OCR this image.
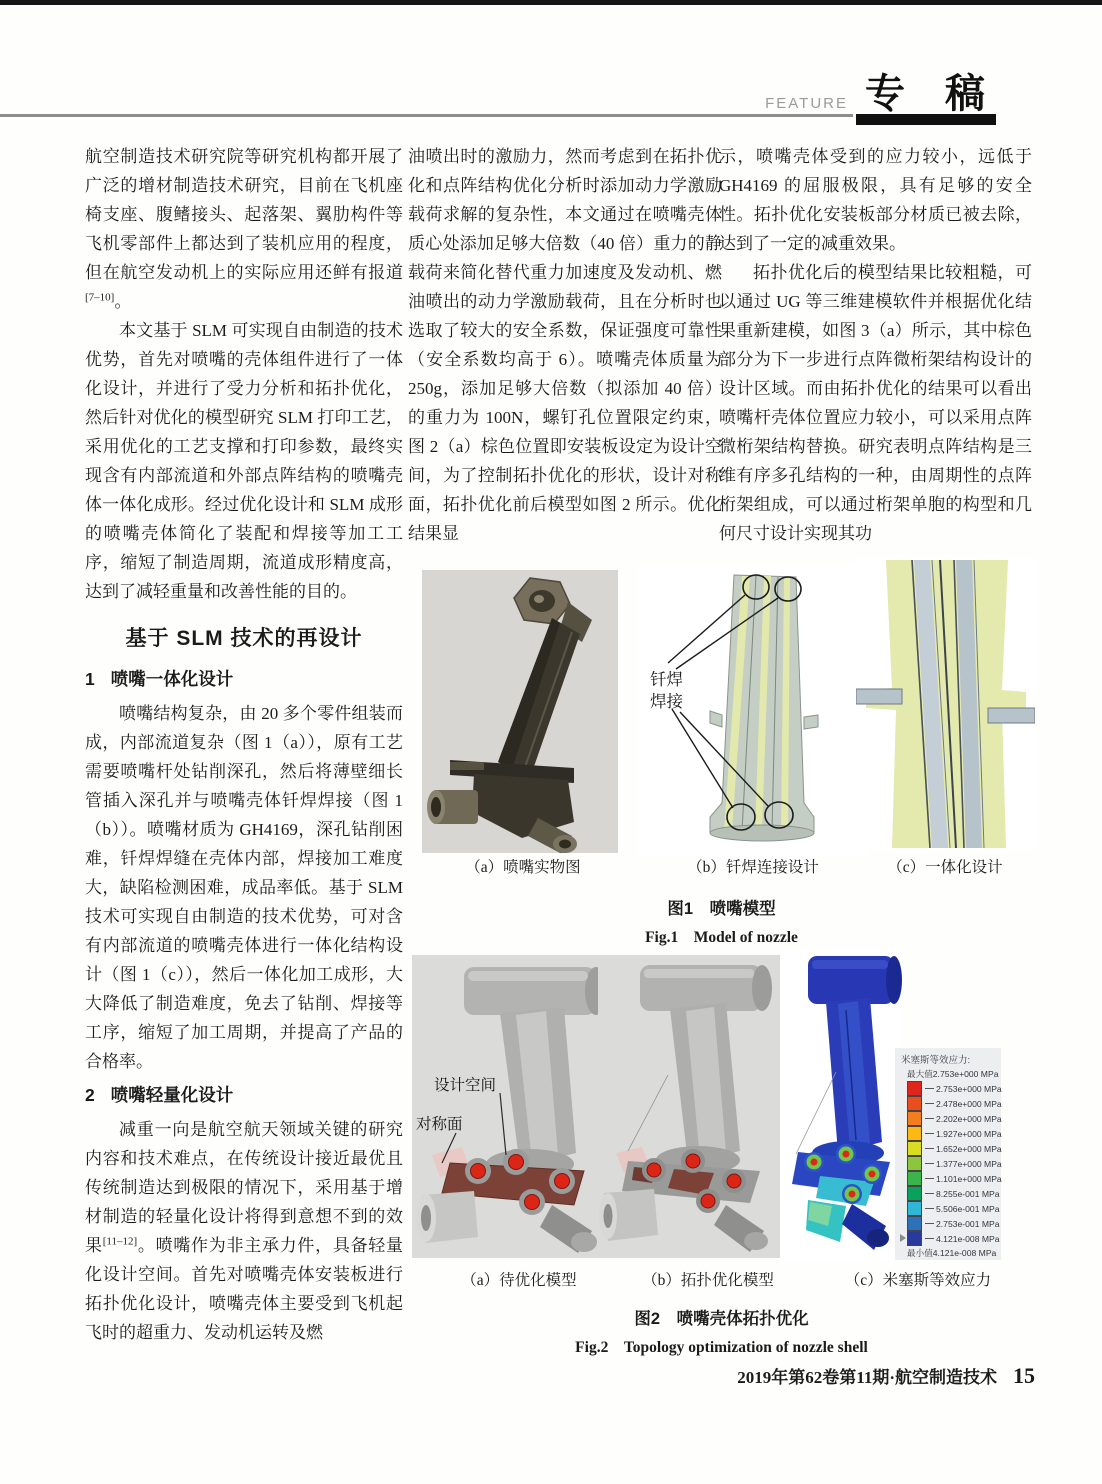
FEATURE 专　稿

航空制造技术研究院等研究机构都开展了广泛的增材制造技术研究，目前在飞机座椅支座、腹鳍接头、起落架、翼肋构件等飞机零部件上都达到了装机应用的程度，但在航空发动机上的实际应用还鲜有报道[7–10]。

本文基于 SLM 可实现自由制造的技术优势，首先对喷嘴的壳体组件进行了一体化设计，并进行了受力分析和拓扑优化，然后针对优化的模型研究 SLM 打印工艺，采用优化的工艺支撑和打印参数，最终实现含有内部流道和外部点阵结构的喷嘴壳体一体化成形。经过优化设计和 SLM 成形的喷嘴壳体简化了装配和焊接等加工工序，缩短了制造周期，流道成形精度高，达到了减轻重量和改善性能的目的。

基于 SLM 技术的再设计
1 喷嘴一体化设计

喷嘴结构复杂，由 20 多个零件组装而成，内部流道复杂（图 1（a）），原有工艺需要喷嘴杆处钻削深孔，然后将薄壁细长管插入深孔并与喷嘴壳体钎焊焊接（图 1（b））。喷嘴材质为 GH4169，深孔钻削困难，钎焊焊缝在壳体内部，焊接加工难度大，缺陷检测困难，成品率低。基于 SLM 技术可实现自由制造的技术优势，可对含有内部流道的喷嘴壳体进行一体化结构设计（图 1（c）），然后一体化加工成形，大大降低了制造难度，免去了钻削、焊接等工序，缩短了加工周期，并提高了产品的合格率。

2 喷嘴轻量化设计

减重一向是航空航天领域关键的研究内容和技术难点，在传统设计接近最优且传统制造达到极限的情况下，采用基于增材制造的轻量化设计将得到意想不到的效果[11–12]。喷嘴作为非主承力件，具备轻量化设计空间。首先对喷嘴壳体安装板进行拓扑优化设计，喷嘴壳体主要受到飞机起飞时的超重力、发动机运转及燃

油喷出时的激励力，然而考虑到在拓扑优化和点阵结构优化分析时添加动力学激励载荷求解的复杂性，本文通过在喷嘴壳体质心处添加足够大倍数（40 倍）重力的静载荷来简化替代重力加速度及发动机、燃油喷出的动力学激励载荷，且在分析时也选取了较大的安全系数，保证强度可靠性（安全系数均高于 6）。喷嘴壳体质量为 250g，添加足够大倍数（拟添加 40 倍）的重力为 100N，螺钉孔位置限定约束，图 2（a）棕色位置即安装板设定为设计空间，为了控制拓扑优化的形状，设计对称面，拓扑优化前后模型如图 2 所示。优化结果显

示，喷嘴壳体受到的应力较小，远低于 GH4169 的屈服极限，具有足够的安全性。拓扑优化安装板部分材质已被去除，达到了一定的减重效果。

拓扑优化后的模型结果比较粗糙，可以通过 UG 等三维建模软件并根据优化结果重新建模，如图 3（a）所示，其中棕色部分为下一步进行点阵微桁架结构设计的设计区域。而由拓扑优化的结果可以看出喷嘴杆壳体位置应力较小，可以采用点阵微桁架结构替换。研究表明点阵结构是三维有序多孔结构的一种，由周期性的点阵桁架组成，可以通过桁架单胞的构型和几何尺寸设计实现其功

钎焊
焊接
（a）喷嘴实物图	（b）钎焊连接设计	（c）一体化设计
图1　喷嘴模型
Fig.1　Model of nozzle
设计空间
对称面
米塞斯等效应力:
最大值2.753e+000 MPa
2.753e+000 MPa
2.478e+000 MPa
2.202e+000 MPa
1.927e+000 MPa
1.652e+000 MPa
1.377e+000 MPa
1.101e+000 MPa
8.255e-001 MPa
5.506e-001 MPa
2.753e-001 MPa
4.121e-008 MPa
最小值4.121e-008 MPa
（a）待优化模型	（b）拓扑优化模型	（c）米塞斯等效应力
图2　喷嘴壳体拓扑优化
Fig.2　Topology optimization of nozzle shell
2019年第62卷第11期·航空制造技术 15
